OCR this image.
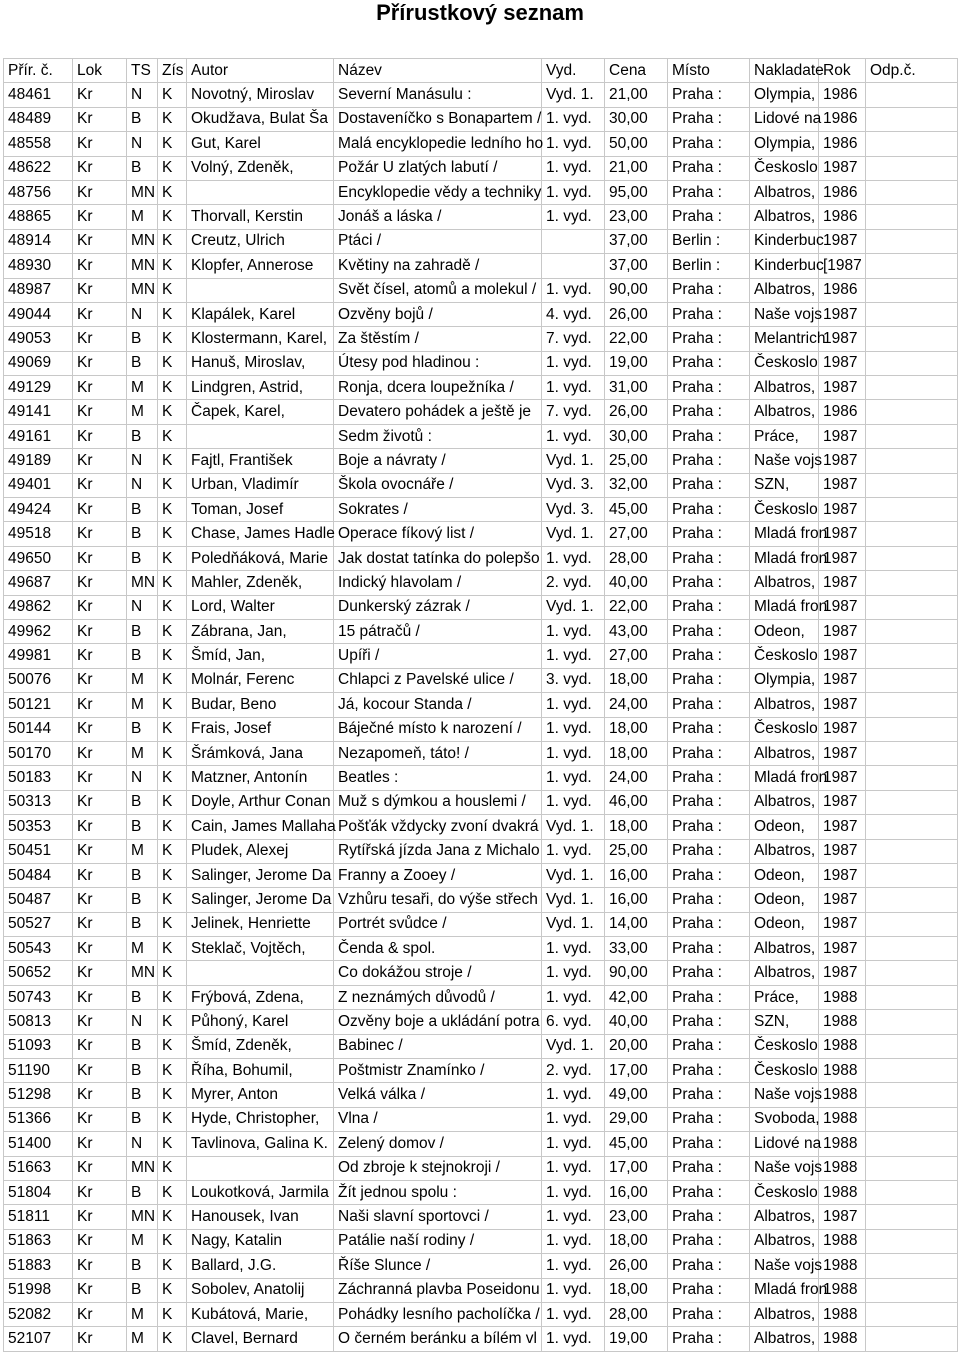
Přírustkový seznam
Přír. č.	Lok	TS	Zís	Autor	Název	Vyd.	Cena	Místo	Nakladate	Rok	Odp.č.
48461	Kr	N	K	Novotný, Miroslav	Severní Manásulu :	Vyd. 1.	21,00	Praha :	Olympia,	1986	
48489	Kr	B	K	Okudžava, Bulat Ša	Dostaveníčko s Bonapartem /	1. vyd.	30,00	Praha :	Lidové na	1986	
48558	Kr	N	K	Gut, Karel	Malá encyklopedie ledního ho	1. vyd.	50,00	Praha :	Olympia,	1986	
48622	Kr	B	K	Volný, Zdeněk,	Požár U zlatých labutí /	1. vyd.	21,00	Praha :	Českoslo	1987	
48756	Kr	MN	K		Encyklopedie vědy a techniky	1. vyd.	95,00	Praha :	Albatros,	1986	
48865	Kr	M	K	Thorvall, Kerstin	Jonáš a láska /	1. vyd.	23,00	Praha :	Albatros,	1986	
48914	Kr	MN	K	Creutz, Ulrich	Ptáci /		37,00	Berlin :	Kinderbuc	1987	
48930	Kr	MN	K	Klopfer, Annerose	Květiny na zahradě /		37,00	Berlin :	Kinderbuc	[1987	
48987	Kr	MN	K		Svět čísel, atomů a molekul /	1. vyd.	90,00	Praha :	Albatros,	1986	
49044	Kr	N	K	Klapálek, Karel	Ozvěny bojů /	4. vyd.	26,00	Praha :	Naše vojs	1987	
49053	Kr	B	K	Klostermann, Karel,	Za štěstím /	7. vyd.	22,00	Praha :	Melantrich	1987	
49069	Kr	B	K	Hanuš, Miroslav,	Útesy pod hladinou :	1. vyd.	19,00	Praha :	Českoslo	1987	
49129	Kr	M	K	Lindgren, Astrid,	Ronja, dcera loupežníka /	1. vyd.	31,00	Praha :	Albatros,	1987	
49141	Kr	M	K	Čapek, Karel,	Devatero pohádek a ještě je	7. vyd.	26,00	Praha :	Albatros,	1986	
49161	Kr	B	K		Sedm životů :	1. vyd.	30,00	Praha :	Práce,	1987	
49189	Kr	N	K	Fajtl, František	Boje a návraty /	Vyd. 1.	25,00	Praha :	Naše vojs	1987	
49401	Kr	N	K	Urban, Vladimír	Škola ovocnáře /	Vyd. 3.	32,00	Praha :	SZN,	1987	
49424	Kr	B	K	Toman, Josef	Sokrates /	Vyd. 3.	45,00	Praha :	Českoslo	1987	
49518	Kr	B	K	Chase, James Hadle	Operace fíkový list /	Vyd. 1.	27,00	Praha :	Mladá fron	1987	
49650	Kr	B	K	Poledňáková, Marie	Jak dostat tatínka do polepšo	1. vyd.	28,00	Praha :	Mladá fron	1987	
49687	Kr	MN	K	Mahler, Zdeněk,	Indický hlavolam /	2. vyd.	40,00	Praha :	Albatros,	1987	
49862	Kr	N	K	Lord, Walter	Dunkerský zázrak /	Vyd. 1.	22,00	Praha :	Mladá fron	1987	
49962	Kr	B	K	Zábrana, Jan,	15 pátračů /	1. vyd.	43,00	Praha :	Odeon,	1987	
49981	Kr	B	K	Šmíd, Jan,	Upíři /	1. vyd.	27,00	Praha :	Českoslo	1987	
50076	Kr	M	K	Molnár, Ferenc	Chlapci z Pavelské ulice /	3. vyd.	18,00	Praha :	Olympia,	1987	
50121	Kr	M	K	Budar, Beno	Já, kocour Standa /	1. vyd.	24,00	Praha :	Albatros,	1987	
50144	Kr	B	K	Frais, Josef	Báječné místo k narození /	1. vyd.	18,00	Praha :	Českoslo	1987	
50170	Kr	M	K	Šrámková, Jana	Nezapomeň, táto! /	1. vyd.	18,00	Praha :	Albatros,	1987	
50183	Kr	N	K	Matzner, Antonín	Beatles :	1. vyd.	24,00	Praha :	Mladá fron	1987	
50313	Kr	B	K	Doyle, Arthur Conan	Muž s dýmkou a houslemi /	1. vyd.	46,00	Praha :	Albatros,	1987	
50353	Kr	B	K	Cain, James Mallaha	Pošťák vždycky zvoní dvakrá	Vyd. 1.	18,00	Praha :	Odeon,	1987	
50451	Kr	M	K	Pludek, Alexej	Rytířská jízda Jana z Michalo	1. vyd.	25,00	Praha :	Albatros,	1987	
50484	Kr	B	K	Salinger, Jerome Da	Franny a Zooey /	Vyd. 1.	16,00	Praha :	Odeon,	1987	
50487	Kr	B	K	Salinger, Jerome Da	Vzhůru tesaři, do výše střech	Vyd. 1.	16,00	Praha :	Odeon,	1987	
50527	Kr	B	K	Jelinek, Henriette	Portrét svůdce /	Vyd. 1.	14,00	Praha :	Odeon,	1987	
50543	Kr	M	K	Steklač, Vojtěch,	Čenda & spol.	1. vyd.	33,00	Praha :	Albatros,	1987	
50652	Kr	MN	K		Co dokážou stroje /	1. vyd.	90,00	Praha :	Albatros,	1987	
50743	Kr	B	K	Frýbová, Zdena,	Z neznámých důvodů /	1. vyd.	42,00	Praha :	Práce,	1988	
50813	Kr	N	K	Půhoný, Karel	Ozvěny boje a ukládání potra	6. vyd.	40,00	Praha :	SZN,	1988	
51093	Kr	B	K	Šmíd, Zdeněk,	Babinec /	Vyd. 1.	20,00	Praha :	Českoslo	1988	
51190	Kr	B	K	Říha, Bohumil,	Poštmistr Znamínko /	2. vyd.	17,00	Praha :	Českoslo	1988	
51298	Kr	B	K	Myrer, Anton	Velká válka /	1. vyd.	49,00	Praha :	Naše vojs	1988	
51366	Kr	B	K	Hyde, Christopher,	Vlna /	1. vyd.	29,00	Praha :	Svoboda,	1988	
51400	Kr	N	K	Tavlinova, Galina K.	Zelený domov /	1. vyd.	45,00	Praha :	Lidové na	1988	
51663	Kr	MN	K		Od zbroje k stejnokroji /	1. vyd.	17,00	Praha :	Naše vojs	1988	
51804	Kr	B	K	Loukotková, Jarmila	Žít jednou spolu :	1. vyd.	16,00	Praha :	Českoslo	1988	
51811	Kr	MN	K	Hanousek, Ivan	Naši slavní sportovci /	1. vyd.	23,00	Praha :	Albatros,	1987	
51863	Kr	M	K	Nagy, Katalin	Patálie naší rodiny /	1. vyd.	18,00	Praha :	Albatros,	1988	
51883	Kr	B	K	Ballard, J.G.	Říše Slunce /	1. vyd.	26,00	Praha :	Naše vojs	1988	
51998	Kr	B	K	Sobolev, Anatolij	Záchranná plavba Poseidonu	1. vyd.	18,00	Praha :	Mladá fron	1988	
52082	Kr	M	K	Kubátová, Marie,	Pohádky lesního pacholíčka /	1. vyd.	28,00	Praha :	Albatros,	1988	
52107	Kr	M	K	Clavel, Bernard	O černém beránku a bílém vl	1. vyd.	19,00	Praha :	Albatros,	1988	
